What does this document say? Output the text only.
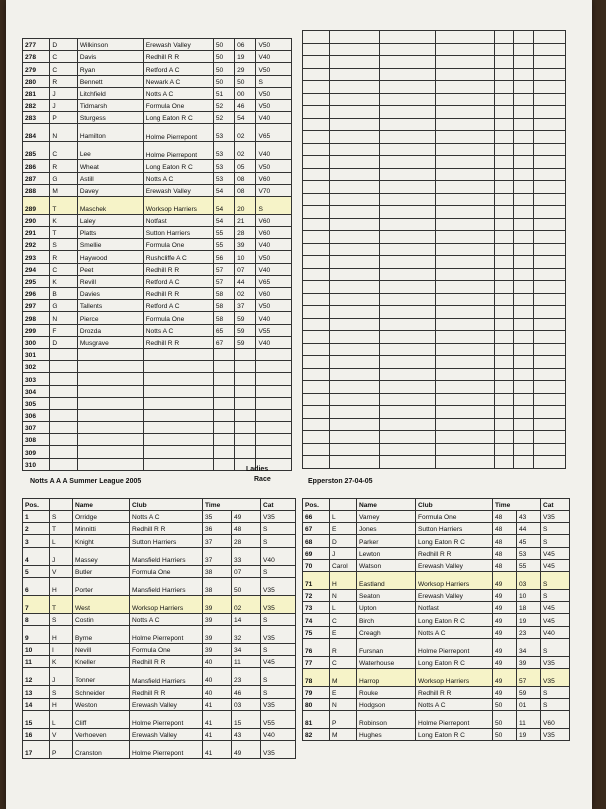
277	D	Wilkinson	Erewash Valley	50	06	V50
278	C	Davis	Redhill R R	50	19	V40
279	C	Ryan	Retford A C	50	29	V50
280	R	Bennett	Newark A C	50	50	S
281	J	Litchfield	Notts A C	51	00	V50
282	J	Tidmarsh	Formula One	52	46	V50
283	P	Sturgess	Long Eaton R C	52	54	V40
284	N	Hamilton	Holme Pierrepont	53	02	V65
285	C	Lee	Holme Pierrepont	53	02	V40
286	R	Wheat	Long Eaton R C	53	05	V50
287	G	Astill	Notts A C	53	08	V60
288	M	Davey	Erewash Valley	54	08	V70
289	T	Maschek	Worksop Harriers	54	20	S
290	K	Laley	Notfast	54	21	V60
291	T	Platts	Sutton Harriers	55	28	V60
292	S	Smellie	Formula One	55	39	V40
293	R	Haywood	Rushcliffe A C	56	10	V50
294	C	Peet	Redhill R R	57	07	V40
295	K	Revill	Retford A C	57	44	V65
296	B	Davies	Redhill R R	58	02	V60
297	G	Tallents	Retford A C	58	37	V50
298	N	Pierce	Formula One	58	59	V40
299	F	Drozda	Notts A C	65	59	V55
300	D	Musgrave	Redhill R R	67	59	V40
301						
302						
303						
304						
305						
306						
307						
308						
309						
310						

Notts A A A Summer League 2005
Ladies
Race	Epperston 27-04-05
Pos.		Name	Club	Time		Cat
1	S	Orridge	Notts A C	35	49	V35
2	T	Minnitti	Redhill R R	36	48	S
3	L	Knight	Sutton Harriers	37	28	S
4	J	Massey	Mansfield Harriers	37	33	V40
5	V	Butler	Formula One	38	07	S
6	H	Porter	Mansfield Harriers	38	50	V35
7	T	West	Worksop Harriers	39	02	V35
8	S	Costin	Notts A C	39	14	S
9	H	Byrne	Holme Pierrepont	39	32	V35
10	I	Nevill	Formula One	39	34	S
11	K	Kneller	Redhill R R	40	11	V45
12	J	Tonner	Mansfield Harriers	40	23	S
13	S	Schneider	Redhill R R	40	46	S
14	H	Weston	Erewash Valley	41	03	V35
15	L	Cliff	Holme Pierrepont	41	15	V55
16	V	Verhoeven	Erewash Valley	41	43	V40
17	P	Cranston	Holme Pierrepont	41	49	V35
Pos.		Name	Club	Time		Cat
66	L	Varney	Formula One	48	43	V35
67	E	Jones	Sutton Harriers	48	44	S
68	D	Parker	Long Eaton R C	48	45	S
69	J	Lewton	Redhill R R	48	53	V45
70	Carol	Watson	Erewash Valley	48	55	V45
71	H	Eastland	Worksop Harriers	49	03	S
72	N	Seaton	Erewash Valley	49	10	S
73	L	Upton	Notfast	49	18	V45
74	C	Birch	Long Eaton R C	49	19	V45
75	E	Creagh	Notts A C	49	23	V40
76	R	Fursnan	Holme Pierrepont	49	34	S
77	C	Waterhouse	Long Eaton R C	49	39	V35
78	M	Harrop	Worksop Harriers	49	57	V35
79	E	Rouke	Redhill R R	49	59	S
80	N	Hodgson	Notts A C	50	01	S
81	P	Robinson	Holme Pierrepont	50	11	V60
82	M	Hughes	Long Eaton R C	50	19	V35
